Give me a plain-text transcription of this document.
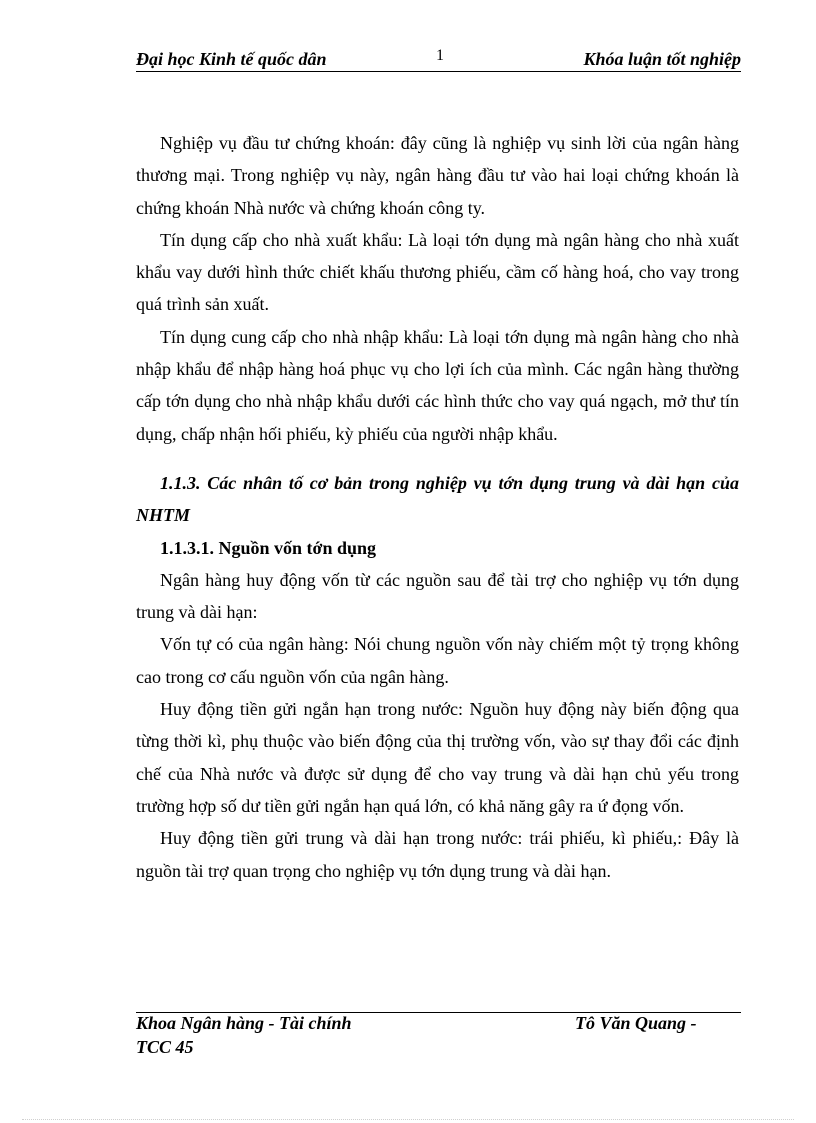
Đại học Kinh tế quốc dân	1	Khóa luận tốt nghiệp

Nghiệp vụ đầu tư chứng khoán: đây cũng là nghiệp vụ sinh lời của ngân hàng thương mại. Trong nghiệp vụ này, ngân hàng đầu tư vào hai loại chứng khoán là chứng khoán Nhà nước và chứng khoán công ty.

Tín dụng cấp cho nhà xuất khẩu: Là loại tớn dụng mà ngân hàng cho nhà xuất khẩu vay dưới hình thức chiết khấu thương phiếu, cầm cố hàng hoá, cho vay trong quá trình sản xuất.

Tín dụng cung cấp cho nhà nhập khẩu: Là loại tớn dụng mà ngân hàng cho nhà nhập khẩu để nhập hàng hoá phục vụ cho lợi ích của mình. Các ngân hàng thường cấp tớn dụng cho nhà nhập khẩu dưới các hình thức cho vay quá ngạch, mở thư tín dụng, chấp nhận hối phiếu, kỳ phiếu của người nhập khẩu.

1.1.3. Các nhân tố cơ bản trong nghiệp vụ tớn dụng trung và dài hạn của NHTM
1.1.3.1. Nguồn vốn tớn dụng

Ngân hàng huy động vốn từ các nguồn sau để tài trợ cho nghiệp vụ tớn dụng trung và dài hạn:

Vốn tự có của ngân hàng: Nói chung nguồn vốn này chiếm một tỷ trọng không cao trong cơ cấu nguồn vốn của ngân hàng.

Huy động tiền gửi ngắn hạn trong nước: Nguồn huy động này biến động qua từng thời kì, phụ thuộc vào biến động của thị trường vốn, vào sự thay đổi các định chế của Nhà nước và được sử dụng để cho vay trung và dài hạn chủ yếu trong trường hợp số dư tiền gửi ngắn hạn quá lớn, có khả năng gây ra ứ đọng vốn.

Huy động tiền gửi trung và dài hạn trong nước: trái phiếu, kì phiếu,: Đây là nguồn tài trợ quan trọng cho nghiệp vụ tớn dụng trung và dài hạn.

Khoa Ngân hàng - Tài chính	Tô Văn Quang -
TCC 45
